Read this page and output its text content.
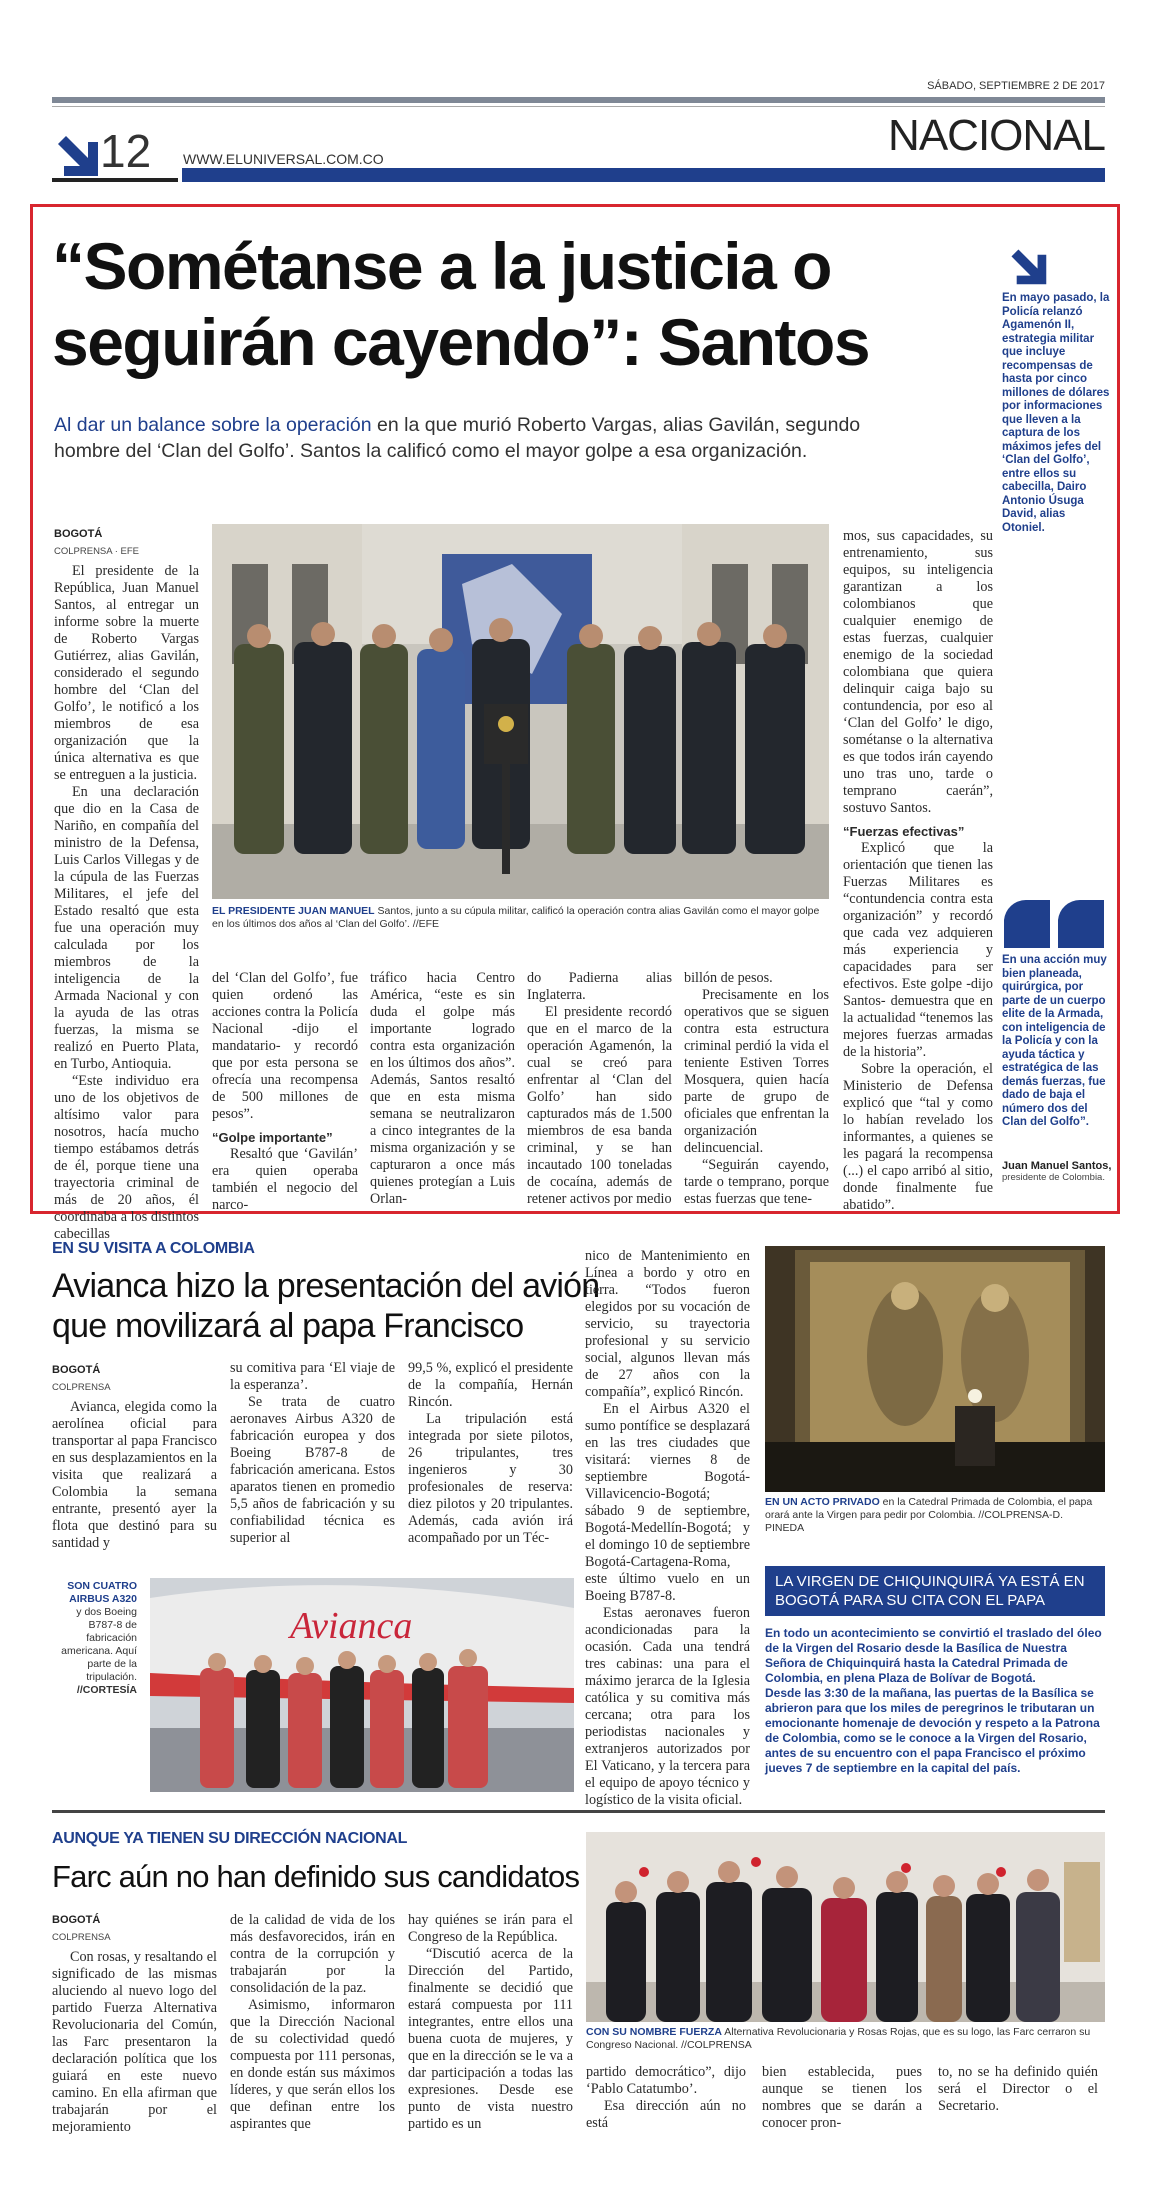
SÁBADO, SEPTIEMBRE 2 DE 2017
12 WWW.ELUNIVERSAL.COM.CO	NACIONAL
“Sométanse a la justicia o
seguirán cayendo”: Santos
Al dar un balance sobre la operación en la que murió Roberto Vargas, alias Gavilán, segundo
hombre del ‘Clan del Golfo’. Santos la calificó como el mayor golpe a esa organización.
BOGOTÁ
COLPRENSA · EFE

El presidente de la República, Juan Manuel Santos, al entregar un informe sobre la muerte de Roberto Vargas Gutiérrez, alias Gavilán, considerado el segundo hombre del ‘Clan del Golfo’, le notificó a los miembros de esa organización que la única alternativa es que se entreguen a la justicia.

En una declaración que dio en la Casa de Nariño, en compañía del ministro de la Defensa, Luis Carlos Villegas y de la cúpula de las Fuerzas Militares, el jefe del Estado resaltó que esta fue una operación muy calculada por los miembros de la inteligencia de la Armada Nacional y con la ayuda de las otras fuerzas, la misma se realizó en Puerto Plata, en Turbo, Antioquia.

“Este individuo era uno de los objetivos de altísimo valor para nosotros, hacía mucho tiempo estábamos detrás de él, porque tiene una trayectoria criminal de más de 20 años, él coordinaba a los distintos cabecillas

EL PRESIDENTE JUAN MANUEL Santos, junto a su cúpula militar, calificó la operación contra alias Gavilán como el mayor golpe en los últimos dos años al ‘Clan del Golfo’. //EFE

del ‘Clan del Golfo’, fue quien ordenó las acciones contra la Policía Nacional -dijo el mandatario- y recordó que por esta persona se ofrecía una recompensa de 500 millones de pesos”.

“Golpe importante”

Resaltó que ‘Gavilán’ era quien operaba también el negocio del narco-

tráfico hacia Centro América, “este es sin duda el golpe más importante logrado contra esta organización en los últimos dos años”. Además, Santos resaltó que en esta misma semana se neutralizaron a cinco integrantes de la misma organización y se capturaron a once más quienes protegían a Luis Orlan-

do Padierna alias Inglaterra.

El presidente recordó que en el marco de la operación Agamenón, la cual se creó para enfrentar al ‘Clan del Golfo’ han sido capturados más de 1.500 miembros de esa banda criminal, y se han incautado 100 toneladas de cocaína, además de retener activos por medio

billón de pesos.

Precisamente en los operativos que se siguen contra esta estructura criminal perdió la vida el teniente Estiven Torres Mosquera, quien hacía parte de grupo de oficiales que enfrentan la organización delincuencial.

“Seguirán cayendo, tarde o temprano, porque estas fuerzas que tene-

mos, sus capacidades, su entrenamiento, sus equipos, su inteligencia garantizan a los colombianos que cualquier enemigo de estas fuerzas, cualquier enemigo de la sociedad colombiana que quiera delinquir caiga bajo su contundencia, por eso al ‘Clan del Golfo’ le digo, sométanse o la alternativa es que todos irán cayendo uno tras uno, tarde o temprano caerán”, sostuvo Santos.

“Fuerzas efectivas”

Explicó que la orientación que tienen las Fuerzas Militares es “contundencia contra esta organización” y recordó que cada vez adquieren más experiencia y capacidades para ser efectivos. Este golpe -dijo Santos- demuestra que en la actualidad “tenemos las mejores fuerzas armadas de la historia”.

Sobre la operación, el Ministerio de Defensa explicó que “tal y como lo habían revelado los informantes, a quienes se les pagará la recompensa (...) el capo arribó al sitio, donde finalmente fue abatido”.

En mayo pasado, la Policía relanzó Agamenón II, estrategia militar que incluye recompensas de hasta por cinco millones de dólares por informaciones que lleven a la captura de los máximos jefes del ‘Clan del Golfo’, entre ellos su cabecilla, Dairo Antonio Úsuga David, alias Otoniel.
En una acción muy bien planeada, quirúrgica, por parte de un cuerpo elite de la Armada, con inteligencia de la Policía y con la ayuda táctica y estratégica de las demás fuerzas, fue dado de baja el número dos del Clan del Golfo”.
Juan Manuel Santos,
presidente de Colombia.
EN SU VISITA A COLOMBIA
Avianca hizo la presentación del avión
que movilizará al papa Francisco
BOGOTÁ
COLPRENSA

Avianca, elegida como la aerolínea oficial para transportar al papa Francisco en sus desplazamientos en la visita que realizará a Colombia la semana entrante, presentó ayer la flota que destinó para su santidad y

su comitiva para ‘El viaje de la esperanza’.

Se trata de cuatro aeronaves Airbus A320 de fabricación europea y dos Boeing B787-8 de fabricación americana. Estos aparatos tienen en promedio 5,5 años de fabricación y su confiabilidad técnica es superior al

99,5 %, explicó el presidente de la compañía, Hernán Rincón.

La tripulación está integrada por siete pilotos, 26 tripulantes, tres ingenieros y 30 profesionales de reserva: diez pilotos y 20 tripulantes. Además, cada avión irá acompañado por un Téc-

nico de Mantenimiento en Línea a bordo y otro en tierra. “Todos fueron elegidos por su vocación de servicio, su trayectoria profesional y su servicio social, algunos llevan más de 27 años con la compañía”, explicó Rincón.

En el Airbus A320 el sumo pontífice se desplazará en las tres ciudades que visitará: viernes 8 de septiembre Bogotá-Villavicencio-Bogotá; sábado 9 de septiembre, Bogotá-Medellín-Bogotá; y el domingo 10 de septiembre Bogotá-Cartagena-Roma, este último vuelo en un Boeing B787-8.

Estas aeronaves fueron acondicionadas para la ocasión. Cada una tendrá tres cabinas: una para el máximo jerarca de la Iglesia católica y su comitiva más cercana; otra para los periodistas nacionales y extranjeros autorizados por El Vaticano, y la tercera para el equipo de apoyo técnico y logístico de la visita oficial.

SON CUATRO AIRBUS A320
y dos Boeing B787-8 de fabricación americana. Aquí parte de la tripulación.
//CORTESÍA
Avianca
EN UN ACTO PRIVADO en la Catedral Primada de Colombia, el papa orará ante la Virgen para pedir por Colombia. //COLPRENSA-D. PINEDA
LA VIRGEN DE CHIQUINQUIRÁ YA ESTÁ EN
BOGOTÁ PARA SU CITA CON EL PAPA
En todo un acontecimiento se convirtió el traslado del óleo de la Virgen del Rosario desde la Basílica de Nuestra Señora de Chiquinquirá hasta la Catedral Primada de Colombia, en plena Plaza de Bolívar de Bogotá.
Desde las 3:30 de la mañana, las puertas de la Basílica se abrieron para que los miles de peregrinos le tributaran un emocionante homenaje de devoción y respeto a la Patrona de Colombia, como se le conoce a la Virgen del Rosario, antes de su encuentro con el papa Francisco el próximo jueves 7 de septiembre en la capital del país.
AUNQUE YA TIENEN SU DIRECCIÓN NACIONAL
Farc aún no han definido sus candidatos
BOGOTÁ
COLPRENSA

Con rosas, y resaltando el significado de las mismas aluciendo al nuevo logo del partido Fuerza Alternativa Revolucionaria del Común, las Farc presentaron la declaración política que los guiará en este nuevo camino. En ella afirman que trabajarán por el mejoramiento

de la calidad de vida de los más desfavorecidos, irán en contra de la corrupción y trabajarán por la consolidación de la paz.

Asimismo, informaron que la Dirección Nacional de su colectividad quedó compuesta por 111 personas, en donde están sus máximos líderes, y que serán ellos los que definan entre los aspirantes que

hay quiénes se irán para el Congreso de la República.

“Discutió acerca de la Dirección del Partido, finalmente se decidió que estará compuesta por 111 integrantes, entre ellos una buena cuota de mujeres, y que en la dirección se le va a dar participación a todas las expresiones. Desde ese punto de vista nuestro partido es un

CON SU NOMBRE FUERZA Alternativa Revolucionaria y Rosas Rojas, que es su logo, las Farc cerraron su Congreso Nacional. //COLPRENSA

partido democrático”, dijo ‘Pablo Catatumbo’.

Esa dirección aún no está

bien establecida, pues aunque se tienen los nombres que se darán a conocer pron-

to, no se ha definido quién será el Director o el Secretario.
